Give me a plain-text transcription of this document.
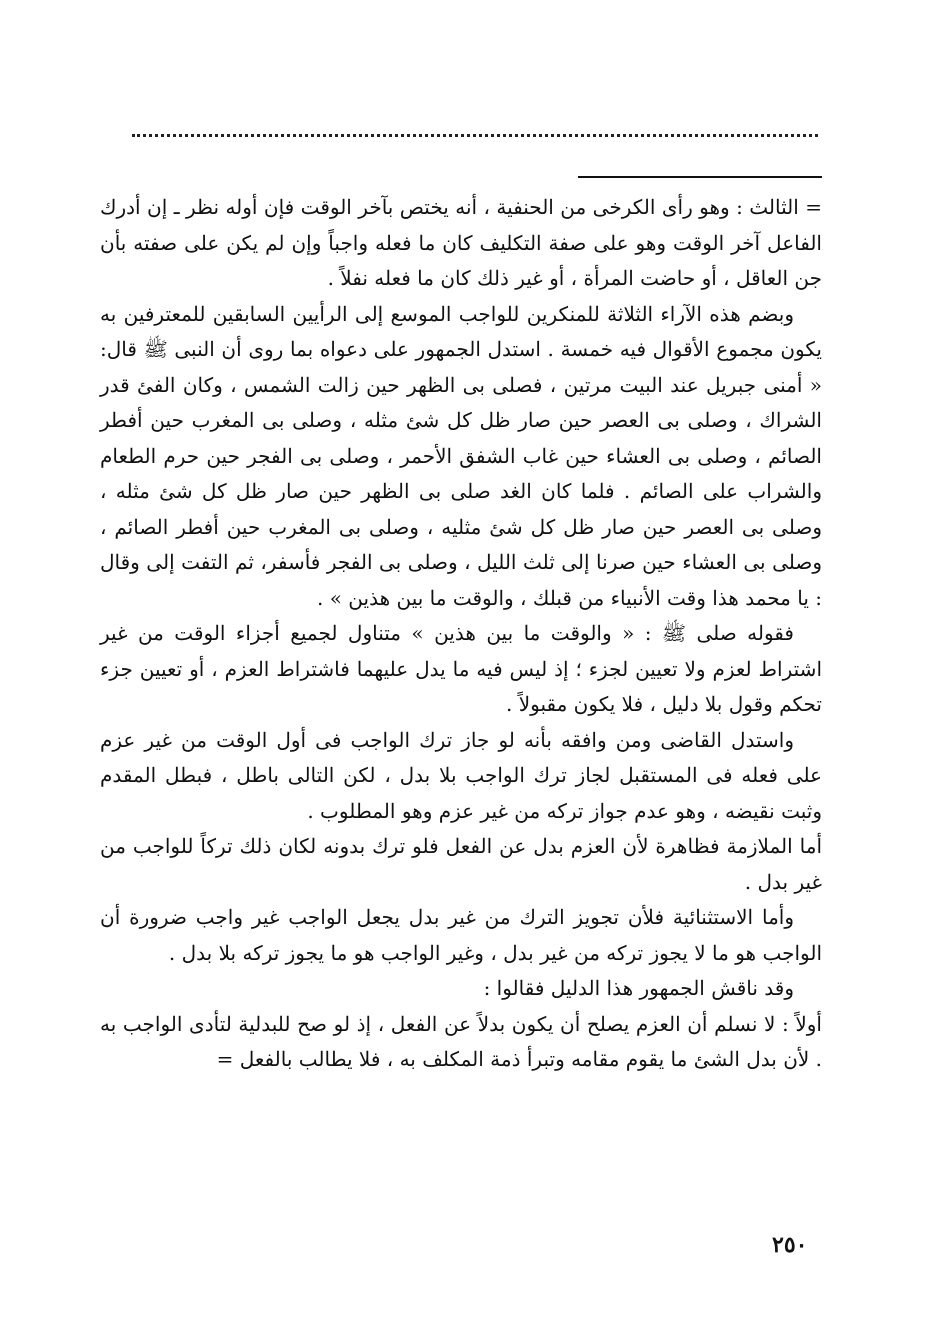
= الثالث : وهو رأى الكرخى من الحنفية ، أنه يختص بآخر الوقت فإن أوله نظر ـ إن أدرك الفاعل آخر الوقت وهو على صفة التكليف كان ما فعله واجباً وإن لم يكن على صفته بأن جن العاقل ، أو حاضت المرأة ، أو غير ذلك كان ما فعله نفلاً .

وبضم هذه الآراء الثلاثة للمنكرين للواجب الموسع إلى الرأيين السابقين للمعترفين به يكون مجموع الأقوال فيه خمسة . استدل الجمهور على دعواه بما روى أن النبى ﷺ قال: « أمنى جبريل عند البيت مرتين ، فصلى بى الظهر حين زالت الشمس ، وكان الفئ قدر الشراك ، وصلى بى العصر حين صار ظل كل شئ مثله ، وصلى بى المغرب حين أفطر الصائم ، وصلى بى العشاء حين غاب الشفق الأحمر ، وصلى بى الفجر حين حرم الطعام والشراب على الصائم . فلما كان الغد صلى بى الظهر حين صار ظل كل شئ مثله ، وصلى بى العصر حين صار ظل كل شئ مثليه ، وصلى بى المغرب حين أفطر الصائم ، وصلى بى العشاء حين صرنا إلى ثلث الليل ، وصلى بى الفجر فأسفر، ثم التفت إلى وقال : يا محمد هذا وقت الأنبياء من قبلك ، والوقت ما بين هذين » .

فقوله صلى ﷺ : « والوقت ما بين هذين » متناول لجميع أجزاء الوقت من غير اشتراط لعزم ولا تعيين لجزء ؛ إذ ليس فيه ما يدل عليهما فاشتراط العزم ، أو تعيين جزء تحكم وقول بلا دليل ، فلا يكون مقبولاً .

واستدل القاضى ومن وافقه بأنه لو جاز ترك الواجب فى أول الوقت من غير عزم على فعله فى المستقبل لجاز ترك الواجب بلا بدل ، لكن التالى باطل ، فبطل المقدم وثبت نقيضه ، وهو عدم جواز تركه من غير عزم وهو المطلوب .

أما الملازمة فظاهرة لأن العزم بدل عن الفعل فلو ترك بدونه لكان ذلك تركاً للواجب من غير بدل .

وأما الاستثنائية فلأن تجويز الترك من غير بدل يجعل الواجب غير واجب ضرورة أن الواجب هو ما لا يجوز تركه من غير بدل ، وغير الواجب هو ما يجوز تركه بلا بدل .

وقد ناقش الجمهور هذا الدليل فقالوا :

أولاً : لا نسلم أن العزم يصلح أن يكون بدلاً عن الفعل ، إذ لو صح للبدلية لتأدى الواجب به . لأن بدل الشئ ما يقوم مقامه وتبرأ ذمة المكلف به ، فلا يطالب بالفعل =

٢٥٠
